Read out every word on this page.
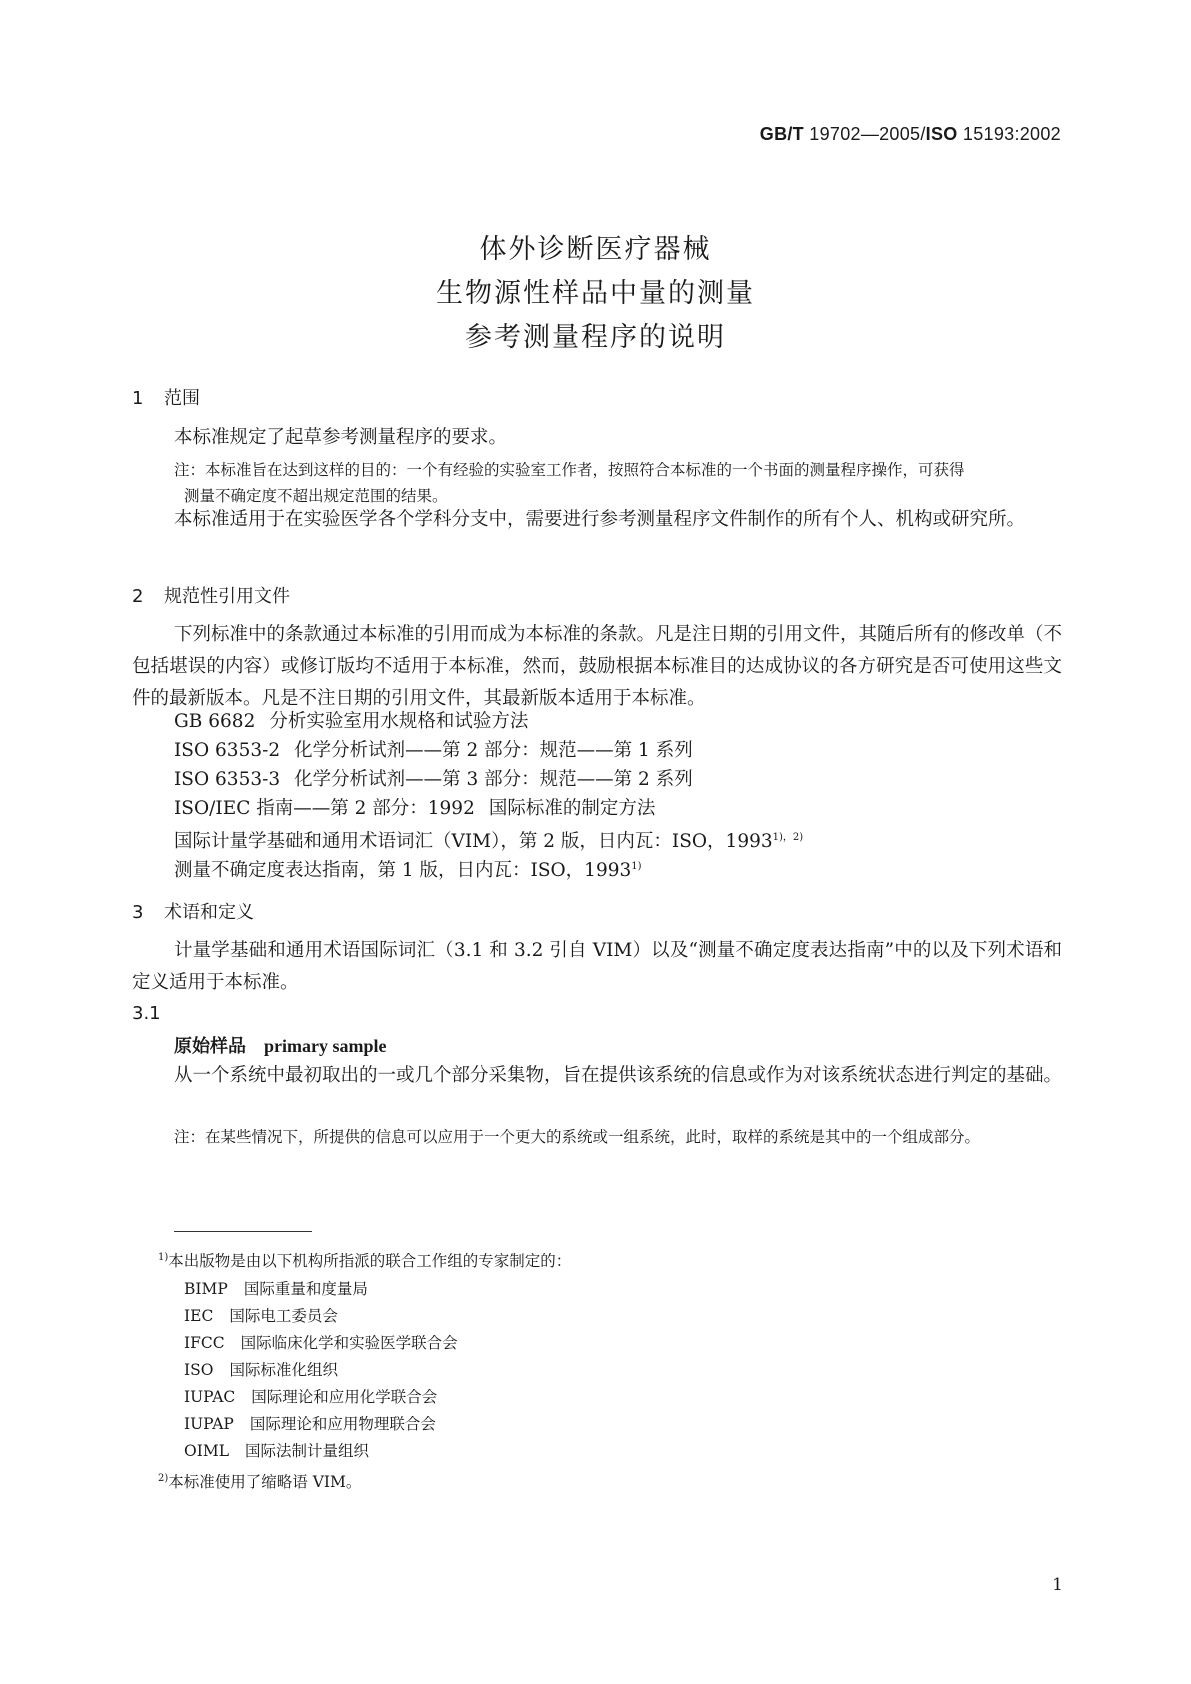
GB/T 19702—2005/ISO 15193:2002
体外诊断医疗器械
生物源性样品中量的测量
参考测量程序的说明
1 范围
本标准规定了起草参考测量程序的要求。
注：本标准旨在达到这样的目的：一个有经验的实验室工作者，按照符合本标准的一个书面的测量程序操作，可获得
测量不确定度不超出规定范围的结果。
本标准适用于在实验医学各个学科分支中，需要进行参考测量程序文件制作的所有个人、机构或研究所。
2 规范性引用文件
下列标准中的条款通过本标准的引用而成为本标准的条款。凡是注日期的引用文件，其随后所有的修改单（不包括堪误的内容）或修订版均不适用于本标准，然而，鼓励根据本标准目的达成协议的各方研究是否可使用这些文件的最新版本。凡是不注日期的引用文件，其最新版本适用于本标准。
GB 6682 分析实验室用水规格和试验方法
ISO 6353-2 化学分析试剂——第 2 部分：规范——第 1 系列
ISO 6353-3 化学分析试剂——第 3 部分：规范——第 2 系列
ISO/IEC 指南——第 2 部分：1992 国际标准的制定方法
国际计量学基础和通用术语词汇（VIM），第 2 版，日内瓦：ISO，$1993^{1),2)}$
测量不确定度表达指南，第 1 版，日内瓦：ISO，1993$^{1)}$
3 术语和定义
计量学基础和通用术语国际词汇（3.1 和 3.2 引自 VIM）以及“测量不确定度表达指南”中的以及下列术语和定义适用于本标准。
3.1
原始样品 primary sample
从一个系统中最初取出的一或几个部分采集物，旨在提供该系统的信息或作为对该系统状态进行判定的基础。
注：在某些情况下，所提供的信息可以应用于一个更大的系统或一组系统，此时，取样的系统是其中的一个组成部分。
$^{1)}$本出版物是由以下机构所指派的联合工作组的专家制定的：
BIMP 国际重量和度量局
IEC 国际电工委员会
IFCC 国际临床化学和实验医学联合会
ISO 国际标准化组织
IUPAC 国际理论和应用化学联合会
IUPAP 国际理论和应用物理联合会
OIML 国际法制计量组织
$^{2)}$本标准使用了缩略语 VIM。
1
